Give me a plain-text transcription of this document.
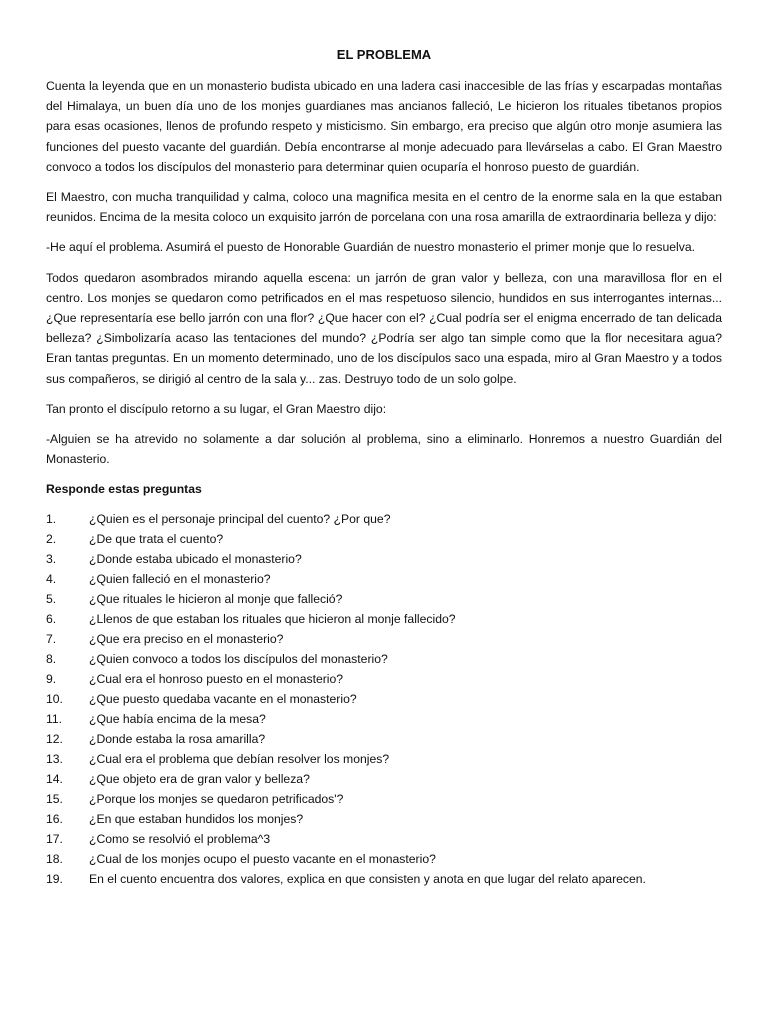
EL PROBLEMA

Cuenta la leyenda que en un monasterio budista ubicado en una ladera casi inaccesible de las frías y escarpadas montañas del Himalaya, un buen día uno de los monjes guardianes mas ancianos falleció, Le hicieron los rituales tibetanos propios para esas ocasiones, llenos de profundo respeto y misticismo. Sin embargo, era preciso que algún otro monje asumiera las funciones del puesto vacante del guardián. Debía encontrarse al monje adecuado para llevárselas a cabo. El Gran Maestro convoco a todos los discípulos del monasterio para determinar quien ocuparía el honroso puesto de guardián.

El Maestro, con mucha tranquilidad y calma, coloco una magnifica mesita en el centro de la enorme sala en la que estaban reunidos. Encima de la mesita coloco un exquisito jarrón de porcelana con una rosa amarilla de extraordinaria belleza y dijo:

-He aquí el problema. Asumirá el puesto de Honorable Guardián de nuestro monasterio el primer monje que lo resuelva.

Todos quedaron asombrados mirando aquella escena: un jarrón de gran valor y belleza, con una maravillosa flor en el centro. Los monjes se quedaron como petrificados en el mas respetuoso silencio, hundidos en sus interrogantes internas... ¿Que representaría ese bello jarrón con una flor? ¿Que hacer con el? ¿Cual podría ser el enigma encerrado de tan delicada belleza? ¿Simbolizaría acaso las tentaciones del mundo? ¿Podría ser algo tan simple como que la flor necesitara agua? Eran tantas preguntas. En un momento determinado, uno de los discípulos saco una espada, miro al Gran Maestro y a todos sus compañeros, se dirigió al centro de la sala y... zas. Destruyo todo de un solo golpe.

Tan pronto el discípulo retorno a su lugar, el Gran Maestro dijo:

-Alguien se ha atrevido no solamente a dar solución al problema, sino a eliminarlo. Honremos a nuestro Guardián del Monasterio.

Responde estas preguntas
1.	¿Quien es el personaje principal del cuento? ¿Por que?
2.	¿De que trata el cuento?
3.	¿Donde estaba ubicado el monasterio?
4.	¿Quien falleció en el monasterio?
5.	¿Que rituales le hicieron al monje que falleció?
6.	¿Llenos de que estaban los rituales que hicieron al monje fallecido?
7.	¿Que era preciso en el monasterio?
8.	¿Quien convoco a todos los discípulos del monasterio?
9.	¿Cual era el honroso puesto en el monasterio?
10.	¿Que puesto quedaba vacante en el monasterio?
11.	¿Que había encima de la mesa?
12.	¿Donde estaba la rosa amarilla?
13.	¿Cual era el problema que debían resolver los monjes?
14.	¿Que objeto era de gran valor y belleza?
15.	¿Porque los monjes se quedaron petrificados'?
16.	¿En que estaban hundidos los monjes?
17.	¿Como se resolvió el problema^3
18.	¿Cual de los monjes ocupo el puesto vacante en el monasterio?
19.	En el cuento encuentra dos valores, explica en que consisten y anota en que lugar del relato aparecen.
